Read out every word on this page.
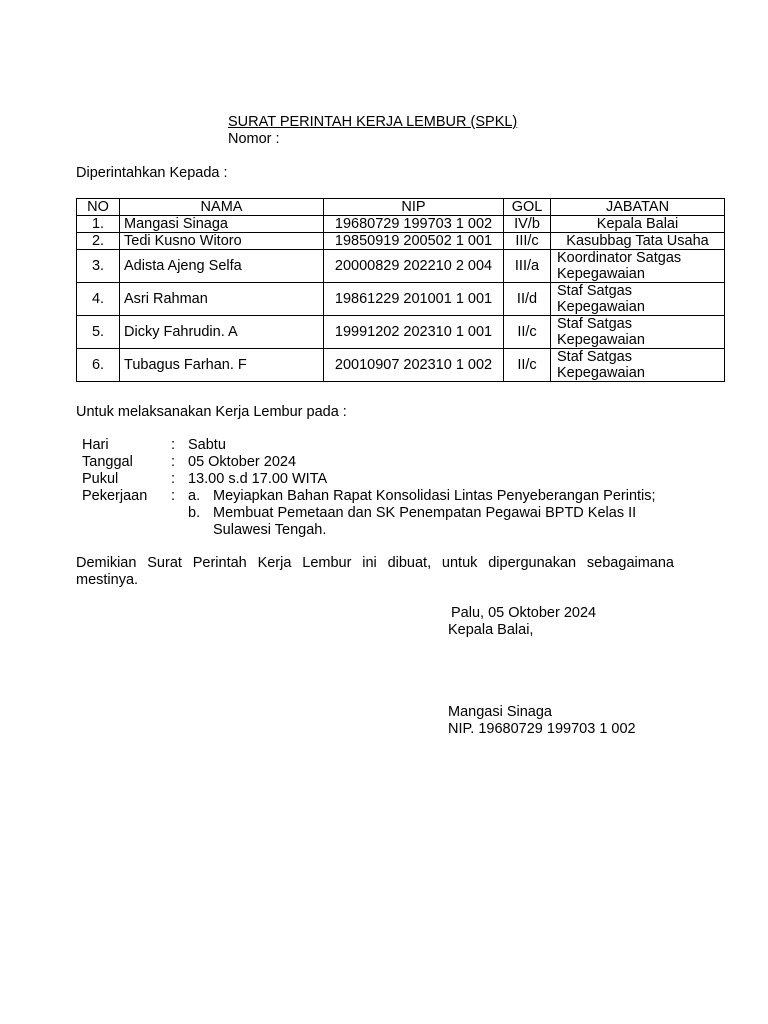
SURAT PERINTAH KERJA LEMBUR (SPKL)
Nomor :
Diperintahkan Kepada :
NO	NAMA	NIP	GOL	JABATAN
1.	Mangasi Sinaga	19680729 199703 1 002	IV/b	Kepala Balai
2.	Tedi Kusno Witoro	19850919 200502 1 001	III/c	Kasubbag Tata Usaha
3.	Adista Ajeng Selfa	20000829 202210 2 004	III/a	Koordinator Satgas Kepegawaian
4.	Asri Rahman	19861229 201001 1 001	II/d	Staf Satgas Kepegawaian
5.	Dicky Fahrudin. A	19991202 202310 1 001	II/c	Staf Satgas Kepegawaian
6.	Tubagus Farhan. F	20010907 202310 1 002	II/c	Staf Satgas Kepegawaian
Untuk melaksanakan Kerja Lembur pada :
Hari	: Sabtu
Tanggal	: 05 Oktober 2024
Pukul	: 13.00 s.d 17.00 WITA
Pekerjaan : a. Meyiapkan Bahan Rapat Konsolidasi Lintas Penyeberangan Perintis;
b. Membuat Pemetaan dan SK Penempatan Pegawai BPTD Kelas II
Sulawesi Tengah.
Demikian Surat Perintah Kerja Lembur ini dibuat, untuk dipergunakan sebagaimana mestinya.
Palu, 05 Oktober 2024
Kepala Balai,
Mangasi Sinaga
NIP. 19680729 199703 1 002
